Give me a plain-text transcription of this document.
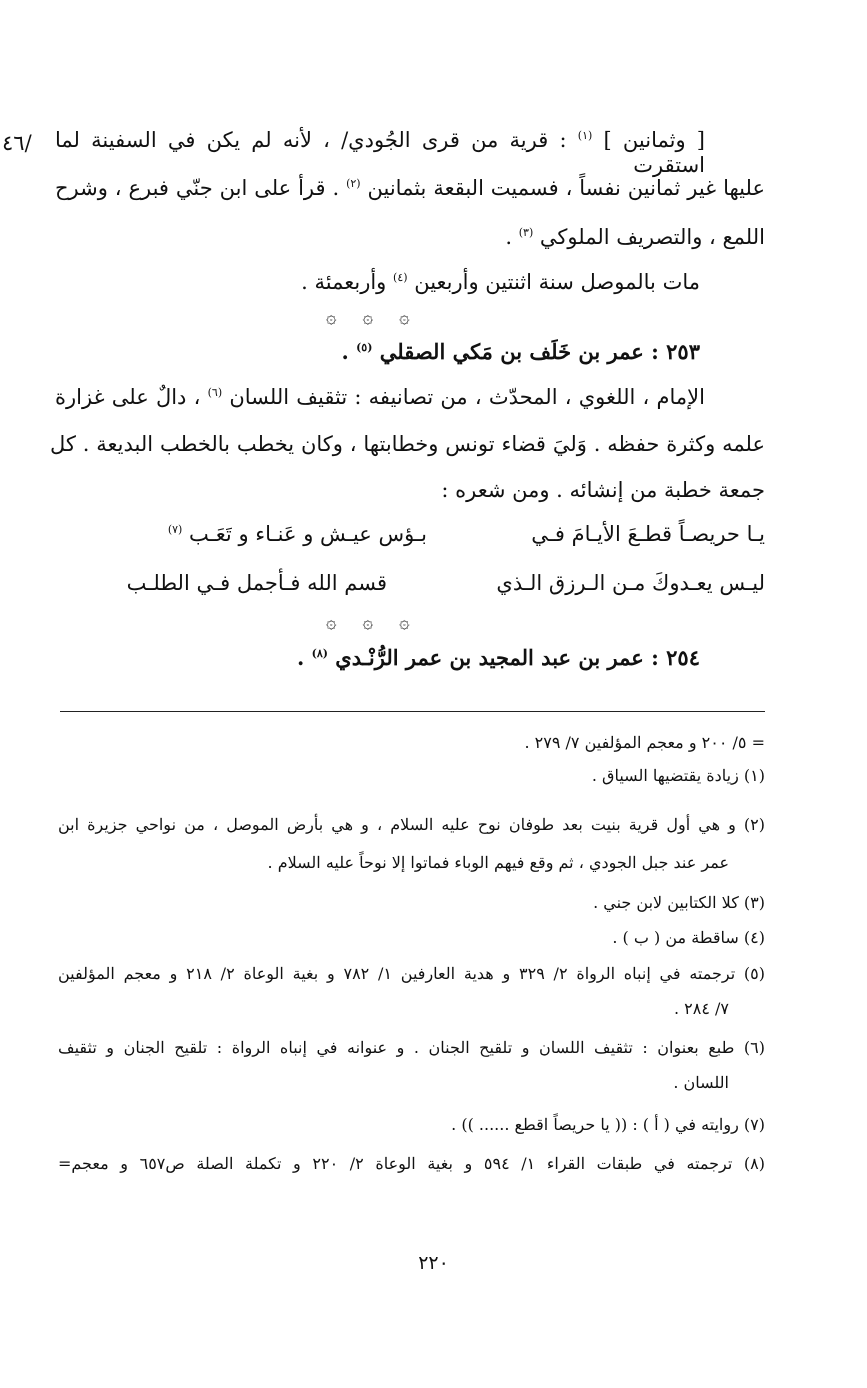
٤٦/	[ وثمانين ] $^{(١)}$ : قرية من قرى الجُودي/ ، لأنه لم يكن في السفينة لما استقرت
عليها غير ثمانين نفساً ، فسميت البقعة بثمانين $^{(٢)}$ . قرأ على ابن جنّي فبرع ، وشرح
اللمع ، والتصريف الملوكي $^{(٣)}$ .
مات بالموصل سنة اثنتين وأربعين $^{(٤)}$ وأربعمئة .
۞ ۞ ۞
٢٥٣ : عمر بن خَلَف بن مَكي الصقلي $^{(٥)}$ .
الإمام ، اللغوي ، المحدّث ، من تصانيفه : تثقيف اللسان $^{(٦)}$ ، دالٌ على غزارة
علمه وكثرة حفظه . وَليَ قضاء تونس وخطابتها ، وكان يخطب بالخطب البديعة . كل
جمعة خطبة من إنشائه . ومن شعره :
يـا حريصـاً قطـعَ الأيـامَ فـي
بـؤس عيـش و عَنـاء و تَعَـب $^{(٧)}$
ليـس يعـدوكَ مـن الـرزق الـذي
قسم الله فـأجمل فـي الطلـب
۞ ۞ ۞
٢٥٤ : عمر بن عبد المجيد بن عمر الرُّنْـدي $^{(٨)}$ .
= ٥/ ٢٠٠ و معجم المؤلفين ٧/ ٢٧٩ .
(١) زيادة يقتضيها السياق .
(٢) و هي أول قرية بنيت بعد طوفان نوح عليه السلام ، و هي بأرض الموصل ، من نواحي جزيرة ابن
عمر عند جبل الجودي ، ثم وقع فيهم الوباء فماتوا إلا نوحاً عليه السلام .
(٣) كلا الكتابين لابن جني .
(٤) ساقطة من ( ب ) .
(٥) ترجمته في إنباه الرواة ٢/ ٣٢٩ و هدية العارفين ١/ ٧٨٢ و بغية الوعاة ٢/ ٢١٨ و معجم المؤلفين
٧/ ٢٨٤ .
(٦) طبع بعنوان : تثقيف اللسان و تلقيح الجنان . و عنوانه في إنباه الرواة : تلقيح الجنان و تثقيف
اللسان .
(٧) روايته في ( أ ) : (( يا حريصاً اقطع ...... )) .
(٨) ترجمته في طبقات القراء ١/ ٥٩٤ و بغية الوعاة ٢/ ٢٢٠ و تكملة الصلة ص٦٥٧ و معجم=
٢٢٠
